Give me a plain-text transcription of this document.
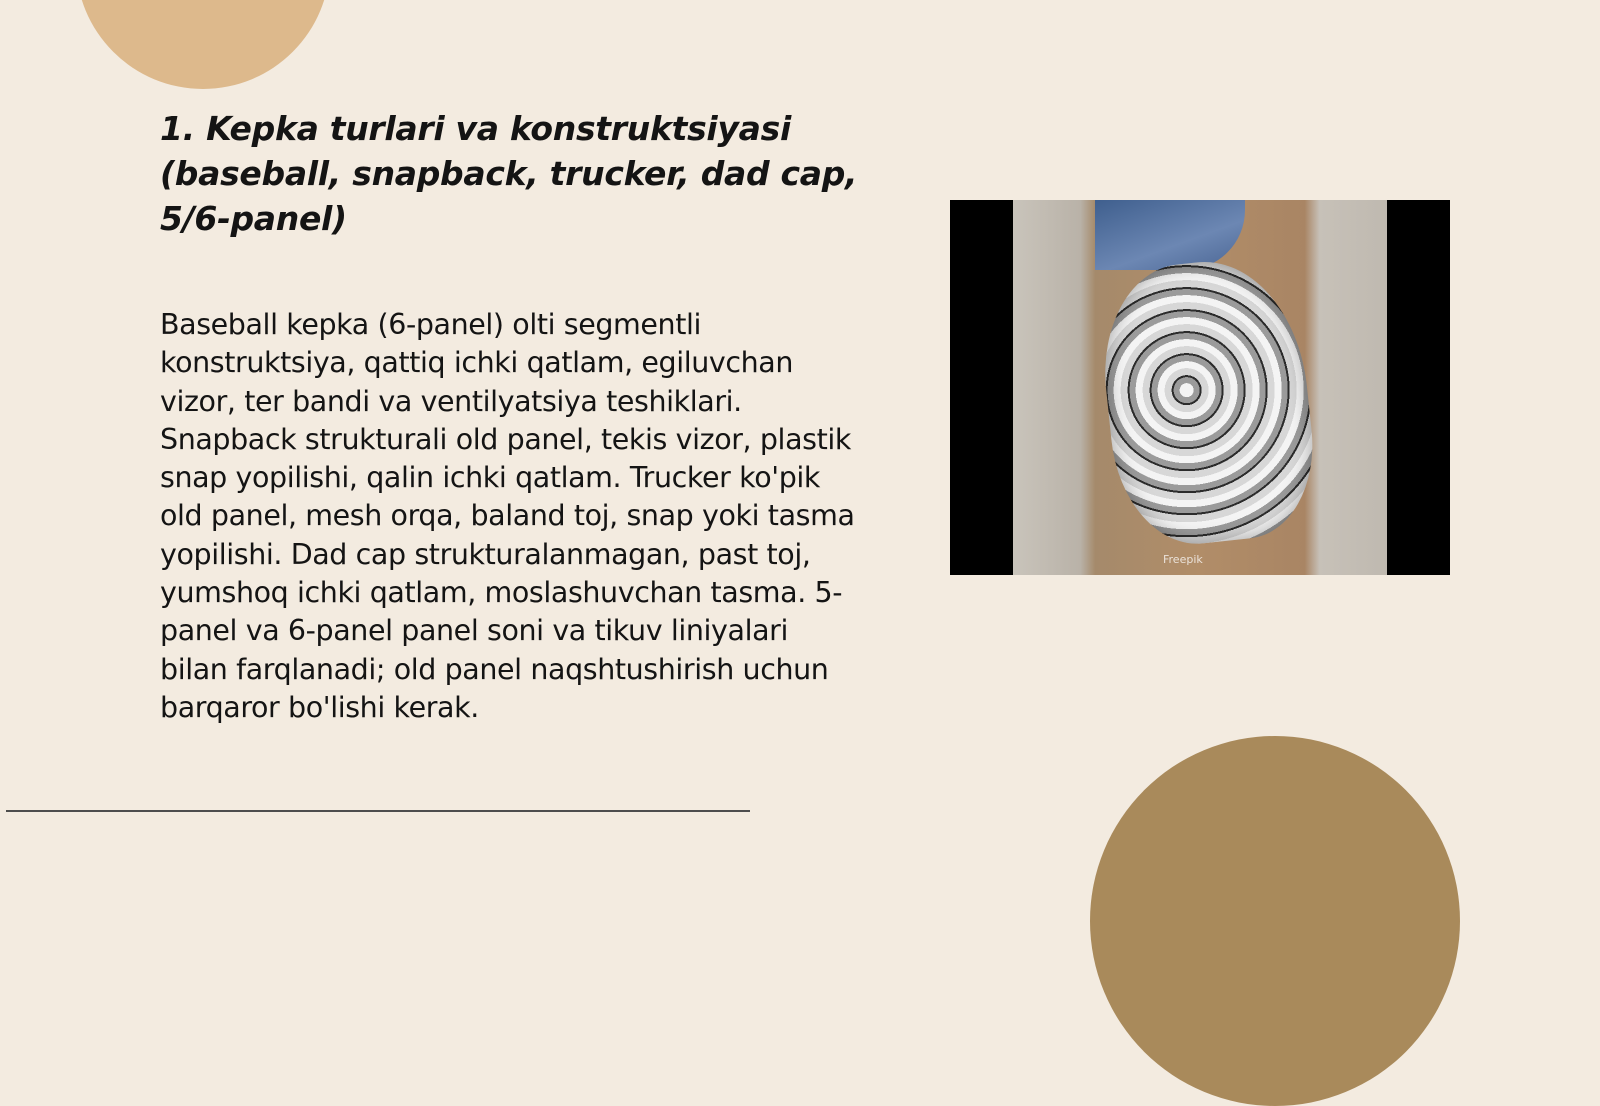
1. Kepka turlari va konstruktsiyasi (baseball, snapback, trucker, dad cap, 5/6-panel)

Baseball kepka (6-panel) olti segmentli konstruktsiya, qattiq ichki qatlam, egiluvchan vizor, ter bandi va ventilyatsiya teshiklari. Snapback strukturali old panel, tekis vizor, plastik snap yopilishi, qalin ichki qatlam. Trucker ko'pik old panel, mesh orqa, baland toj, snap yoki tasma yopilishi. Dad cap strukturalanmagan, past toj, yumshoq ichki qatlam, moslashuvchan tasma. 5-panel va 6-panel panel soni va tikuv liniyalari bilan farqlanadi; old panel naqshtushirish uchun barqaror bo'lishi kerak.

Freepik
